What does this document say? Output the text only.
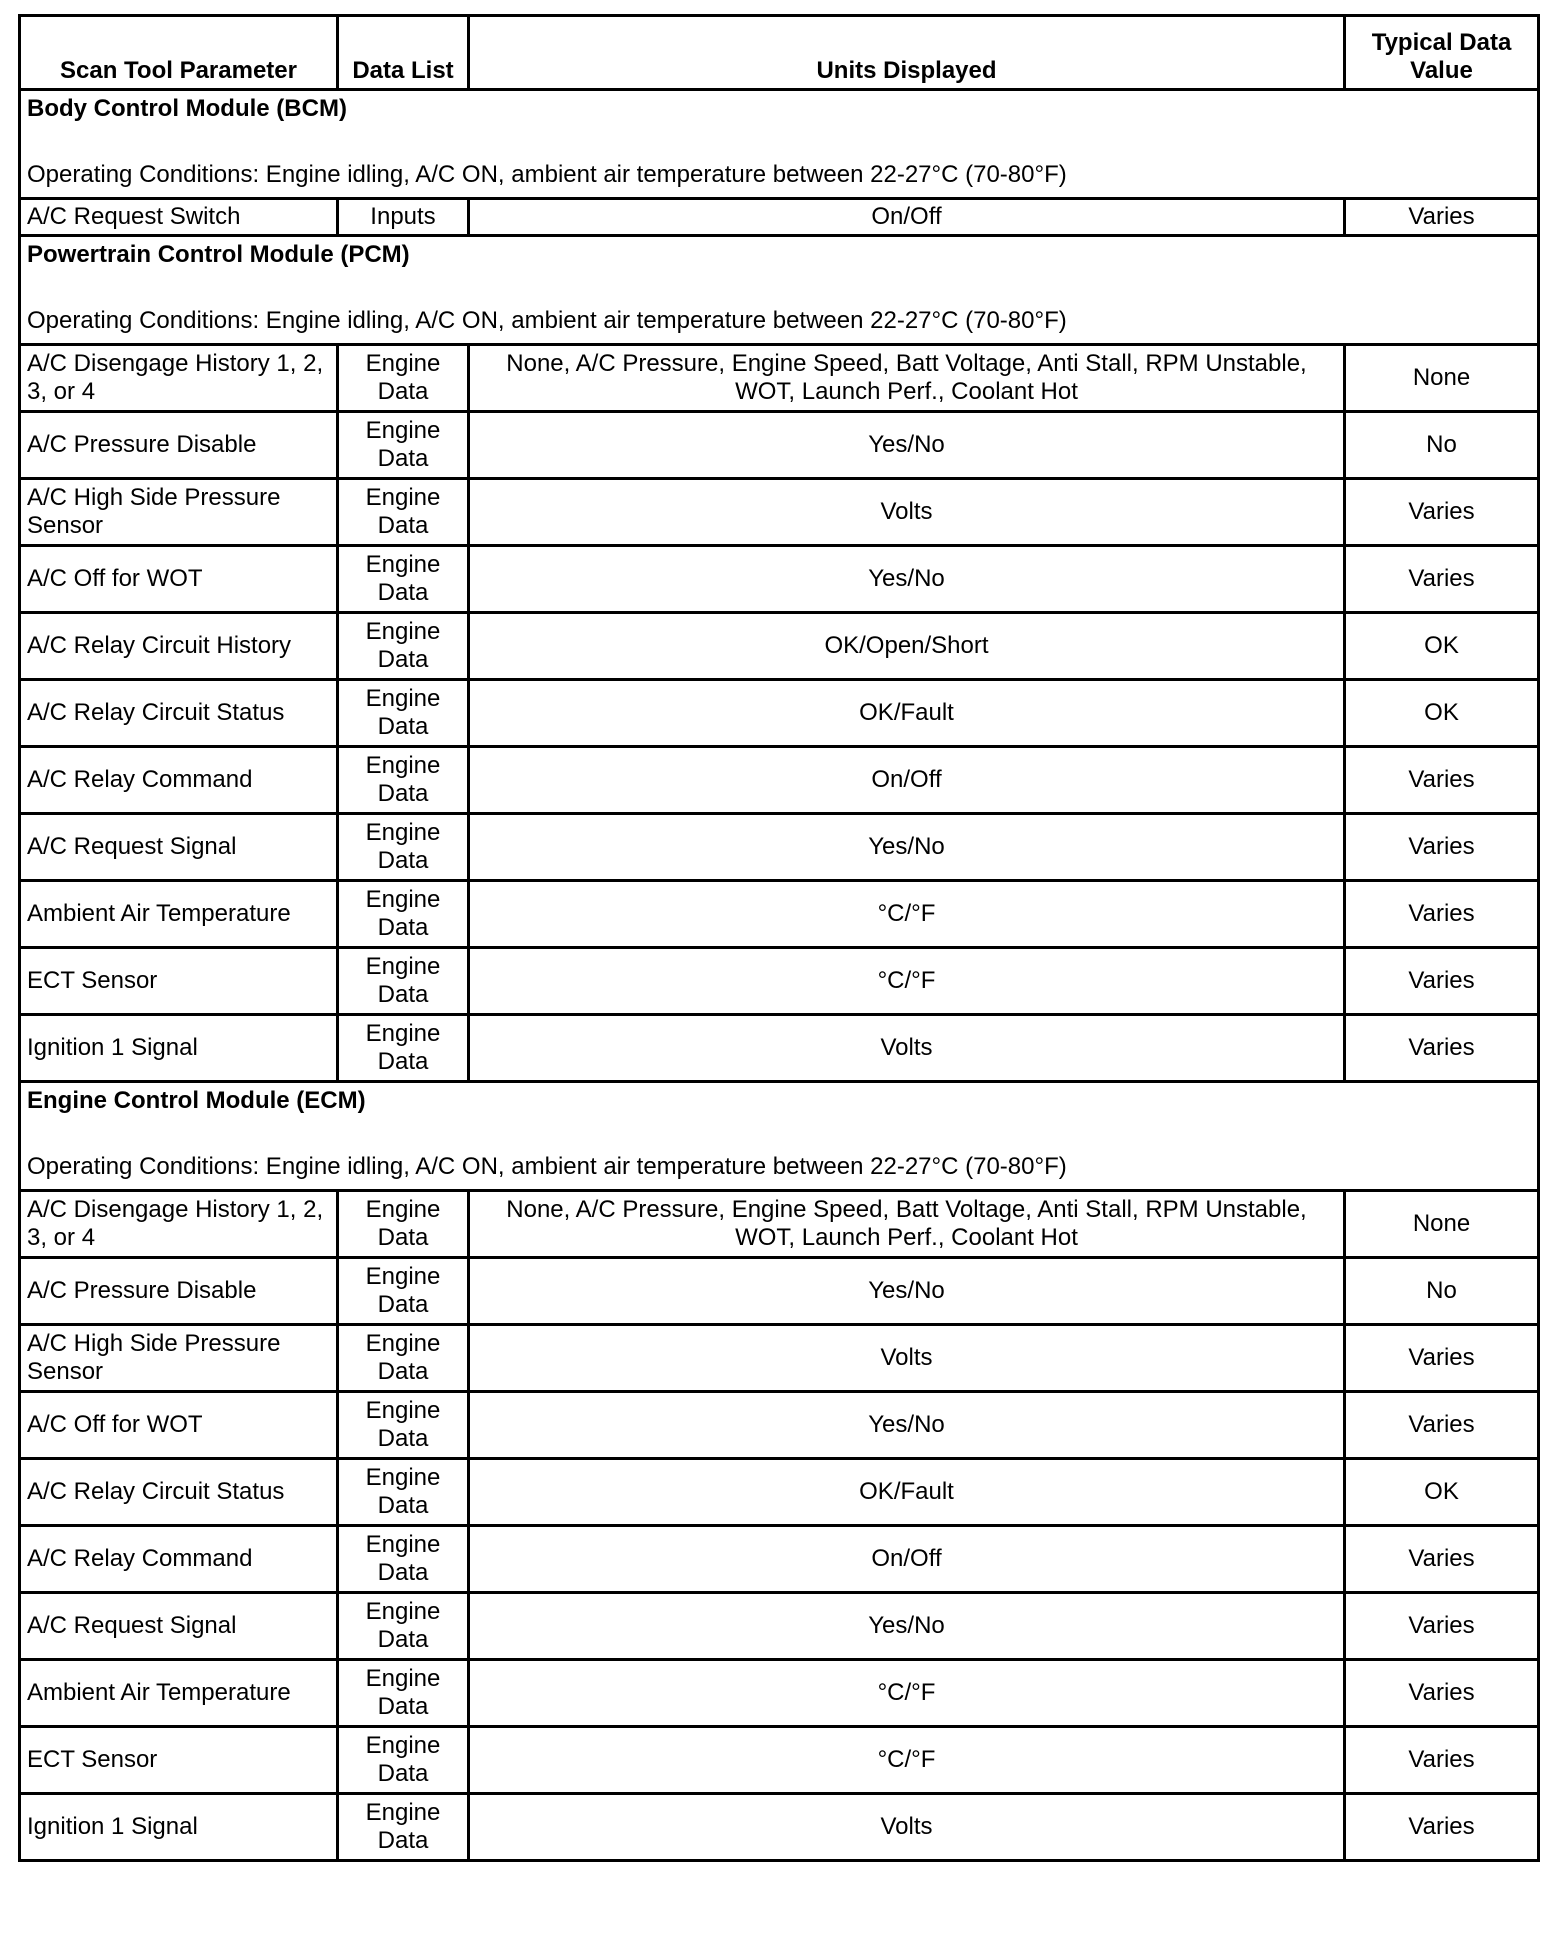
Scan Tool Parameter	Data List	Units Displayed	Typical Data Value

Body Control Module (BCM)
Operating Conditions: Engine idling, A/C ON, ambient air temperature between 22-27°C (70-80°F)			

A/C Request Switch	Inputs	On/Off	Varies

Powertrain Control Module (PCM)
Operating Conditions: Engine idling, A/C ON, ambient air temperature between 22-27°C (70-80°F)			

A/C Disengage History 1, 2, 3, or 4	Engine Data	None, A/C Pressure, Engine Speed, Batt Voltage, Anti Stall, RPM Unstable, WOT, Launch Perf., Coolant Hot	None
A/C Pressure Disable	Engine Data	Yes/No	No
A/C High Side Pressure Sensor	Engine Data	Volts	Varies
A/C Off for WOT	Engine Data	Yes/No	Varies
A/C Relay Circuit History	Engine Data	OK/Open/Short	OK
A/C Relay Circuit Status	Engine Data	OK/Fault	OK
A/C Relay Command	Engine Data	On/Off	Varies
A/C Request Signal	Engine Data	Yes/No	Varies
Ambient Air Temperature	Engine Data	°C/°F	Varies
ECT Sensor	Engine Data	°C/°F	Varies
Ignition 1 Signal	Engine Data	Volts	Varies

Engine Control Module (ECM)
Operating Conditions: Engine idling, A/C ON, ambient air temperature between 22-27°C (70-80°F)			

A/C Disengage History 1, 2, 3, or 4	Engine Data	None, A/C Pressure, Engine Speed, Batt Voltage, Anti Stall, RPM Unstable, WOT, Launch Perf., Coolant Hot	None
A/C Pressure Disable	Engine Data	Yes/No	No
A/C High Side Pressure Sensor	Engine Data	Volts	Varies
A/C Off for WOT	Engine Data	Yes/No	Varies
A/C Relay Circuit Status	Engine Data	OK/Fault	OK
A/C Relay Command	Engine Data	On/Off	Varies
A/C Request Signal	Engine Data	Yes/No	Varies
Ambient Air Temperature	Engine Data	°C/°F	Varies
ECT Sensor	Engine Data	°C/°F	Varies
Ignition 1 Signal	Engine Data	Volts	Varies
